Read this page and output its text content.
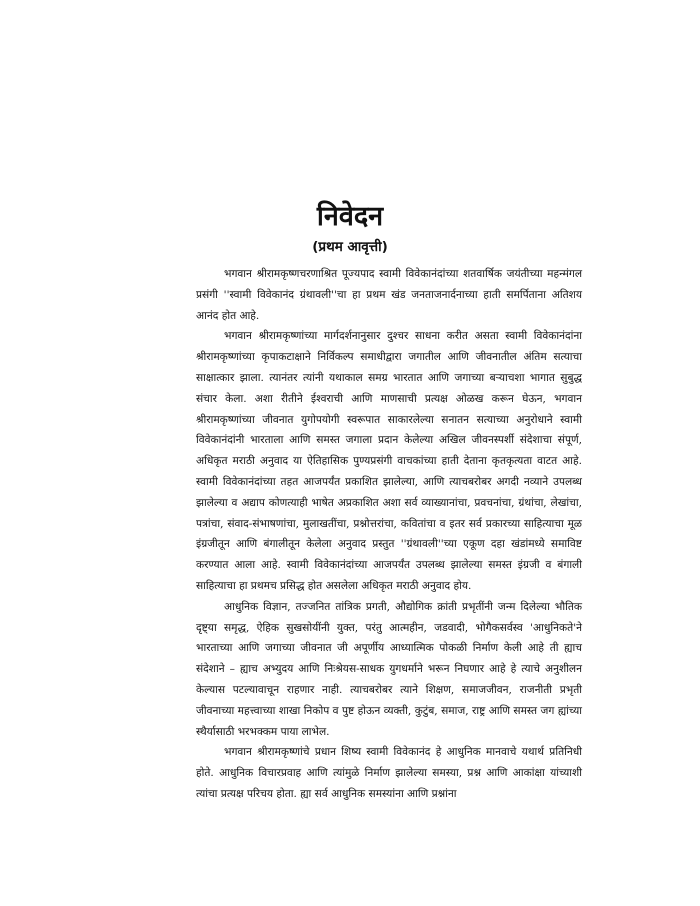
निवेदन
(प्रथम आवृत्ती)

भगवान श्रीरामकृष्णचरणाश्रित पूज्यपाद स्वामी विवेकानंदांच्या शतवार्षिक जयंतीच्या महन्मंगल प्रसंगी ''स्वामी विवेकानंद ग्रंथावली''चा हा प्रथम खंड जनताजनार्दनाच्या हाती समर्पिताना अतिशय आनंद होत आहे.

भगवान श्रीरामकृष्णांच्या मार्गदर्शनानुसार दुश्चर साधना करीत असता स्वामी विवेकानंदांना श्रीरामकृष्णांच्या कृपाकटाक्षाने निर्विकल्प समाधीद्वारा जगातील आणि जीवनातील अंतिम सत्याचा साक्षात्कार झाला. त्यानंतर त्यांनी यथाकाल समग्र भारतात आणि जगाच्या बऱ्याचशा भागात सुबुद्ध संचार केला. अशा रीतीने ईश्वराची आणि माणसाची प्रत्यक्ष ओळख करून घेऊन, भगवान श्रीरामकृष्णांच्या जीवनात युगोपयोगी स्वरूपात साकारलेल्या सनातन सत्याच्या अनुरोधाने स्वामी विवेकानंदांनी भारताला आणि समस्त जगाला प्रदान केलेल्या अखिल जीवनस्पर्शी संदेशाचा संपूर्ण, अधिकृत मराठी अनुवाद या ऐतिहासिक पुण्यप्रसंगी वाचकांच्या हाती देताना कृतकृत्यता वाटत आहे. स्वामी विवेकानंदांच्या तहत आजपर्यंत प्रकाशित झालेल्या, आणि त्याचबरोबर अगदी नव्याने उपलब्ध झालेल्या व अद्याप कोणत्याही भाषेत अप्रकाशित अशा सर्व व्याख्यानांचा, प्रवचनांचा, ग्रंथांचा, लेखांचा, पत्रांचा, संवाद-संभाषणांचा, मुलाखतींचा, प्रश्नोत्तरांचा, कवितांचा व इतर सर्व प्रकारच्या साहित्याचा मूळ इंग्रजीतून आणि बंगालीतून केलेला अनुवाद प्रस्तुत ''ग्रंथावली''च्या एकूण दहा खंडांमध्ये समाविष्ट करण्यात आला आहे. स्वामी विवेकानंदांच्या आजपर्यंत उपलब्ध झालेल्या समस्त इंग्रजी व बंगाली साहित्याचा हा प्रथमच प्रसिद्ध होत असलेला अधिकृत मराठी अनुवाद होय.

आधुनिक विज्ञान, तज्जनित तांत्रिक प्रगती, औद्योगिक क्रांती प्रभृतींनी जन्म दिलेल्या भौतिक दृष्ट्या समृद्ध, ऐहिक सुखसोयींनी युक्त, परंतु आत्महीन, जडवादी, भोगैकसर्वस्व 'आधुनिकते'ने भारताच्या आणि जगाच्या जीवनात जी अपूर्णीय आध्यात्मिक पोकळी निर्माण केली आहे ती ह्याच संदेशाने – ह्याच अभ्युदय आणि निःश्रेयस-साधक युगधर्माने भरून निघणार आहे हे त्याचे अनुशीलन केल्यास पटल्यावाचून राहणार नाही. त्याचबरोबर त्याने शिक्षण, समाजजीवन, राजनीती प्रभृती जीवनाच्या महत्त्वाच्या शाखा निकोप व पुष्ट होऊन व्यक्ती, कुटुंब, समाज, राष्ट्र आणि समस्त जग ह्यांच्या स्थैर्यासाठी भरभक्कम पाया लाभेल.

भगवान श्रीरामकृष्णांचे प्रधान शिष्य स्वामी विवेकानंद हे आधुनिक मानवाचे यथार्थ प्रतिनिधी होते. आधुनिक विचारप्रवाह आणि त्यांमुळे निर्माण झालेल्या समस्या, प्रश्न आणि आकांक्षा यांच्याशी त्यांचा प्रत्यक्ष परिचय होता. ह्या सर्व आधुनिक समस्यांना आणि प्रश्नांना
